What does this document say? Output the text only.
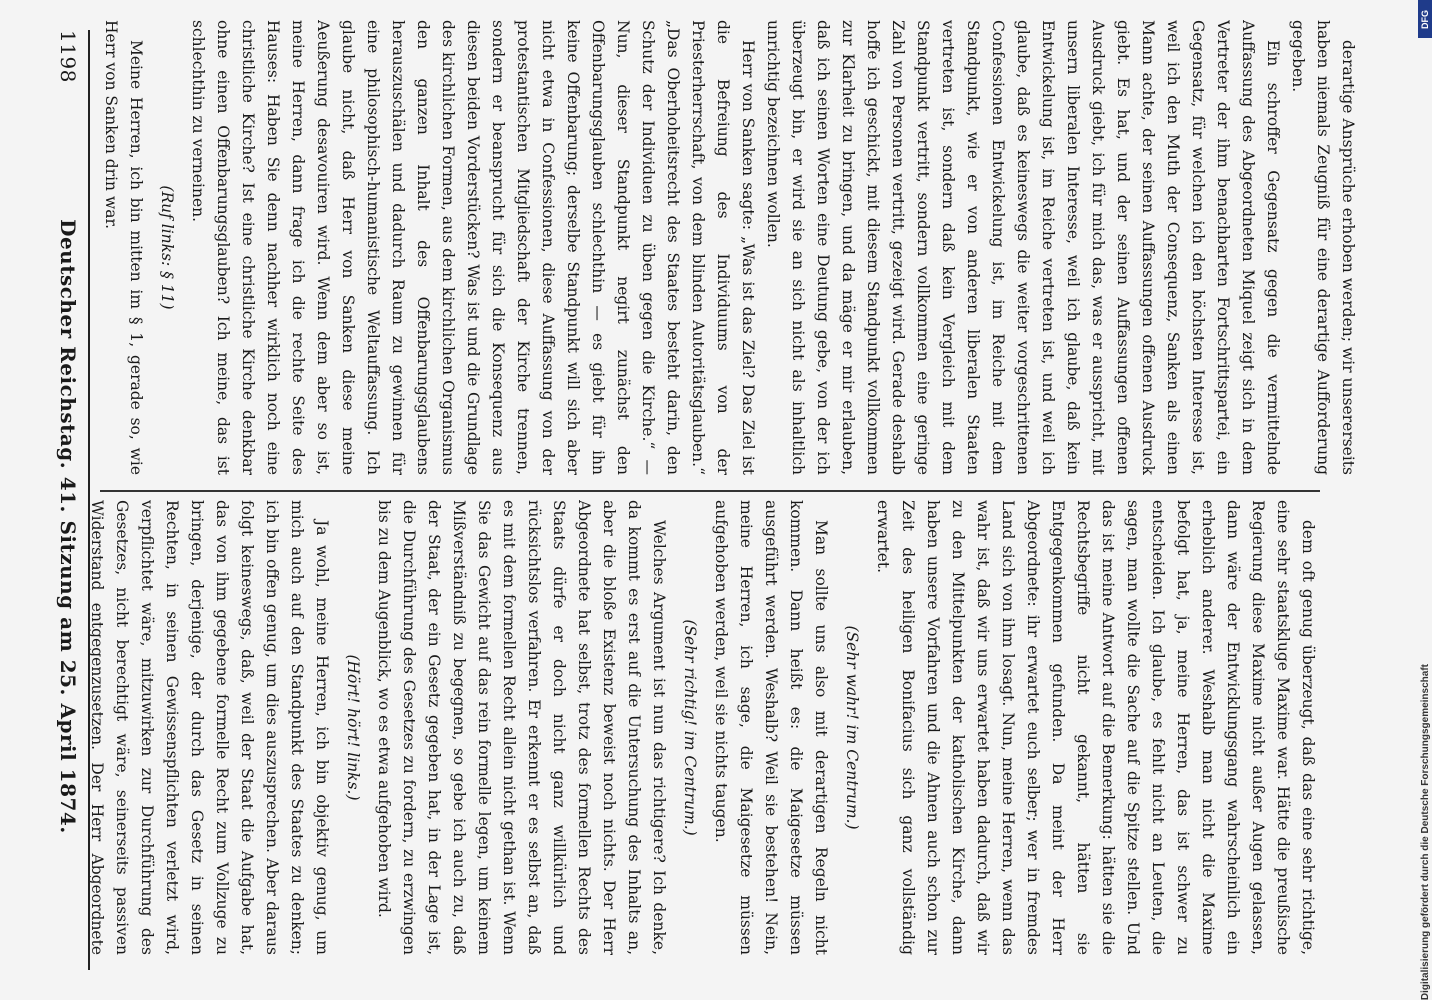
derartige Ansprüche erhoben werden; wir unsererseits haben niemals Zeugniß für eine derartige Aufforderung gegeben.
Ein schroffer Gegensatz gegen die vermittelnde Auffassung des Abgeordneten Miquel zeigt sich in dem Vertreter der ihm benachbarten Fortschrittspartei, ein Gegensatz, für welchen ich den höchsten Interesse ist, weil ich den Muth der Consequenz, Sanken als einen Mann achte, der seinen Auffassungen offenen Ausdruck giebt. Es hat, und der seinen Auffassungen offenen Ausdruck giebt, ich für mich das, was er ausspricht, mit unsern liberalen Interesse, weil ich glaube, daß kein Entwickelung ist, im Reiche vertreten ist, und weil ich glaube, daß es keineswegs die weiter vorgeschrittenen Confessionen Entwickelung ist, im Reiche mit dem Standpunkt, wie er von anderen liberalen Staaten vertreten ist, sondern daß kein Vergleich mit dem Standpunkt vertritt, sondern vollkommen eine geringe Zahl von Personen vertritt, gezeigt wird. Gerade deshalb hoffe ich geschickt, mit diesem Standpunkt vollkommen zur Klarheit zu bringen, und da mäge er mir erlauben, daß ich seinen Worten eine Deutung gebe, von der ich überzeugt bin, er wird sie an sich nicht als inhaltlich unrichtig bezeichnen wollen.
Herr von Sanken sagte: „Was ist das Ziel? Das Ziel ist die Befreiung des Individuums von der Priesterherrschaft, von dem blinden Autoritätsglauben.“ „Das Oberhoheitsrecht des Staates besteht darin, den Schutz der Individuen zu üben gegen die Kirche.“ — Nun, dieser Standpunkt negirt zunächst den Offenbarungsglauben schlechthin — es giebt für ihn keine Offenbarung; derselbe Standpunkt will sich aber nicht etwa in Confessionen, diese Auffassung von der protestantischen Mitgliedschaft der Kirche trennen, sondern er beansprucht für sich die Konsequenz aus diesen beiden Vorderstücken? Was ist und die Grundlage des kirchlichen Formen, aus dem kirchlichen Organismus den ganzen Inhalt des Offenbarungsglaubens herauszuschälen und dadurch Raum zu gewinnen für eine philosophisch-humanistische Weltauffassung. Ich glaube nicht, daß Herr von Sanken diese meine Aeußerung desavouiren wird. Wenn dem aber so ist, meine Herren, dann frage ich die rechte Seite des Hauses: Haben Sie denn nachher wirklich noch eine christliche Kirche? Ist eine christliche Kirche denkbar ohne einen Offenbarungsglauben? Ich meine, das ist schlechthin zu verneinen.
(Ruf links: § 11)
Meine Herren, ich bin mitten im § 1, gerade so, wie Herr von Sanken drin war.
dem oft genug überzeugt, daß das eine sehr richtige, eine sehr staatskluge Maxime war. Hätte die preußische Regierung diese Maxime nicht außer Augen gelassen, dann wäre der Entwicklungsgang wahrscheinlich ein erheblich anderer. Weshalb man nicht die Maxime befolgt hat, ja, meine Herren, das ist schwer zu entscheiden. Ich glaube, es fehlt nicht an Leuten, die sagen, man wollte die Sache auf die Spitze stellen. Und das ist meine Antwort auf die Bemerkung: hätten sie die Rechtsbegriffe nicht gekannt, hätten sie Entgegenkommen gefunden. Da meint der Herr Abgeordnete: ihr erwartet euch selber; wer in fremdes Land sich von ihm losagt. Nun, meine Herren, wenn das wahr ist, daß wir uns erwartet haben dadurch, daß wir zu den Mittelpunkten der katholischen Kirche, dann haben unsere Vorfahren und die Ahnen auch schon zur Zeit des heiligen Bonifacius sich ganz vollständig erwartet.
(Sehr wahr! im Centrum.)
Man sollte uns also mit derartigen Regeln nicht kommen. Dann heißt es: die Maigesetze müssen ausgeführt werden. Weshalb? Weil sie bestehen! Nein, meine Herren, ich sage, die Maigesetze müssen aufgehoben werden, weil sie nichts taugen.
(Sehr richtig! im Centrum.)
Welches Argument ist nun das richtigere? Ich denke, da kommt es erst auf die Untersuchung des Inhalts an, aber die bloße Existenz beweist noch nichts. Der Herr Abgeordnete hat selbst, trotz des formellen Rechts des Staats dürfe er doch nicht ganz willkürlich und rücksichtslos verfahren. Er erkennt er es selbst an, daß es mit dem formellen Recht allein nicht gethan ist. Wenn Sie das Gewicht auf das rein formelle legen, um keinem Mißverständniß zu begegnen, so gebe ich auch zu, daß der Staat, der ein Gesetz gegeben hat, in der Lage ist, die Durchführung des Gesetzes zu fordern, zu erzwingen bis zu dem Augenblick, wo es etwa aufgehoben wird.
(Hört! hört! links.)
Ja wohl, meine Herren, ich bin objektiv genug, um mich auch auf den Standpunkt des Staates zu denken; ich bin offen genug, um dies auszusprechen. Aber daraus folgt keineswegs, daß, weil der Staat die Aufgabe hat, das von ihm gegebene formelle Recht zum Vollzuge zu bringen, derjenige, der durch das Gesetz in seinen Rechten, in seinen Gewissenspflichten verletzt wird, verpflichtet wäre, mitzuwirken zur Durchführung des Gesetzes, nicht berechtigt wäre, seinerseits passiven Widerstand entgegenzusetzen. Der Herr Abgeordnete
1198
Deutscher Reichstag. 41. Sitzung am 25. April 1874.	Digitalisierung gefördert durch die Deutsche Forschungsgemeinschaft
DFG
